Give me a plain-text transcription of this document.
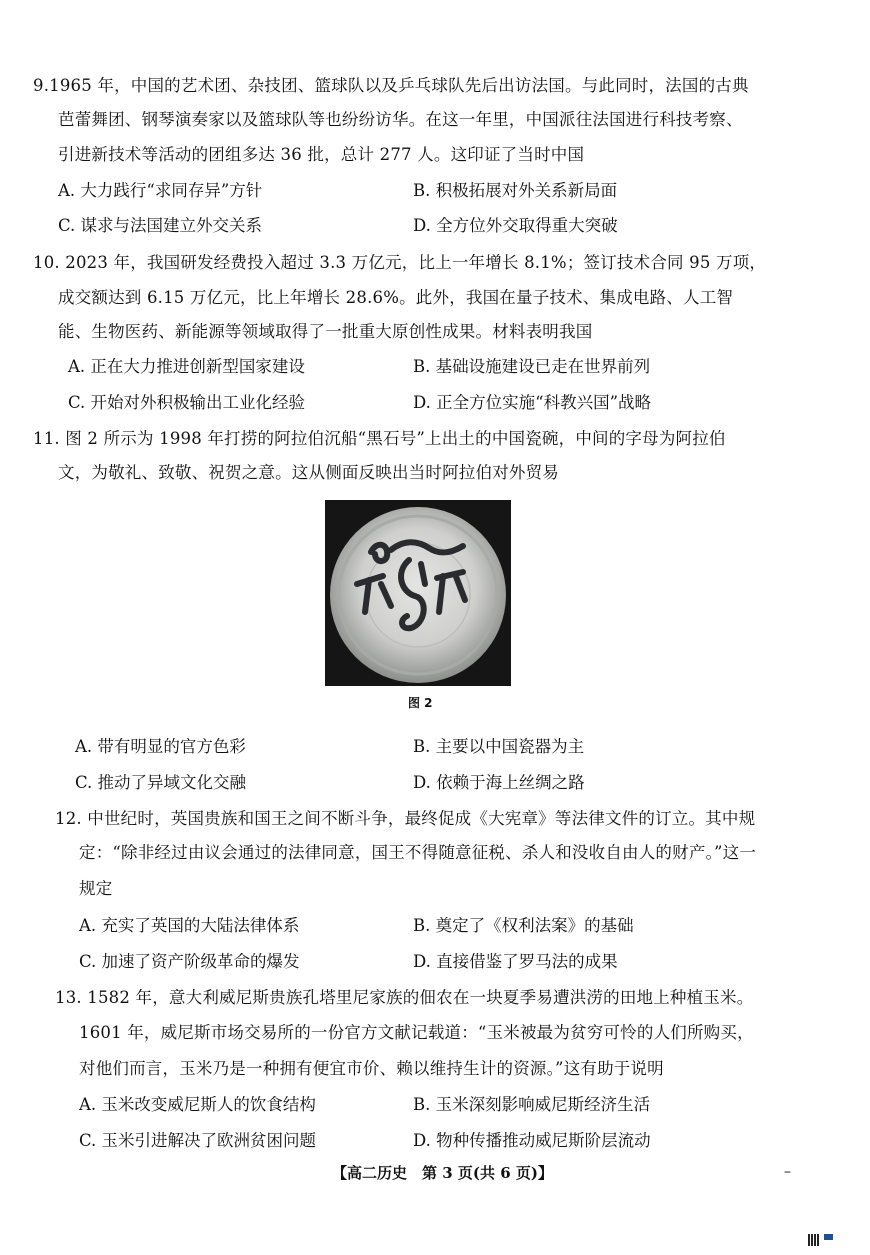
9.1965 年，中国的艺术团、杂技团、篮球队以及乒乓球队先后出访法国。与此同时，法国的古典
芭蕾舞团、钢琴演奏家以及篮球队等也纷纷访华。在这一年里，中国派往法国进行科技考察、
引进新技术等活动的团组多达 36 批，总计 277 人。这印证了当时中国
A. 大力践行“求同存异”方针	B. 积极拓展对外关系新局面
C. 谋求与法国建立外交关系	D. 全方位外交取得重大突破
10. 2023 年，我国研发经费投入超过 3.3 万亿元，比上一年增长 8.1%；签订技术合同 95 万项，
成交额达到 6.15 万亿元，比上年增长 28.6%。此外，我国在量子技术、集成电路、人工智
能、生物医药、新能源等领域取得了一批重大原创性成果。材料表明我国
A. 正在大力推进创新型国家建设	B. 基础设施建设已走在世界前列
C. 开始对外积极输出工业化经验	D. 正全方位实施“科教兴国”战略
11. 图 2 所示为 1998 年打捞的阿拉伯沉船“黑石号”上出土的中国瓷碗，中间的字母为阿拉伯
文，为敬礼、致敬、祝贺之意。这从侧面反映出当时阿拉伯对外贸易
图 2
A. 带有明显的官方色彩	B. 主要以中国瓷器为主
C. 推动了异域文化交融	D. 依赖于海上丝绸之路
12. 中世纪时，英国贵族和国王之间不断斗争，最终促成《大宪章》等法律文件的订立。其中规
定：“除非经过由议会通过的法律同意，国王不得随意征税、杀人和没收自由人的财产。”这一
规定
A. 充实了英国的大陆法律体系	B. 奠定了《权利法案》的基础
C. 加速了资产阶级革命的爆发	D. 直接借鉴了罗马法的成果
13. 1582 年，意大利威尼斯贵族孔塔里尼家族的佃农在一块夏季易遭洪涝的田地上种植玉米。
1601 年，威尼斯市场交易所的一份官方文献记载道：“玉米被最为贫穷可怜的人们所购买，
对他们而言，玉米乃是一种拥有便宜市价、赖以维持生计的资源。”这有助于说明
A. 玉米改变威尼斯人的饮食结构	B. 玉米深刻影响威尼斯经济生活
C. 玉米引进解决了欧洲贫困问题	D. 物种传播推动威尼斯阶层流动
【高二历史　第 3 页(共 6 页)】	–
